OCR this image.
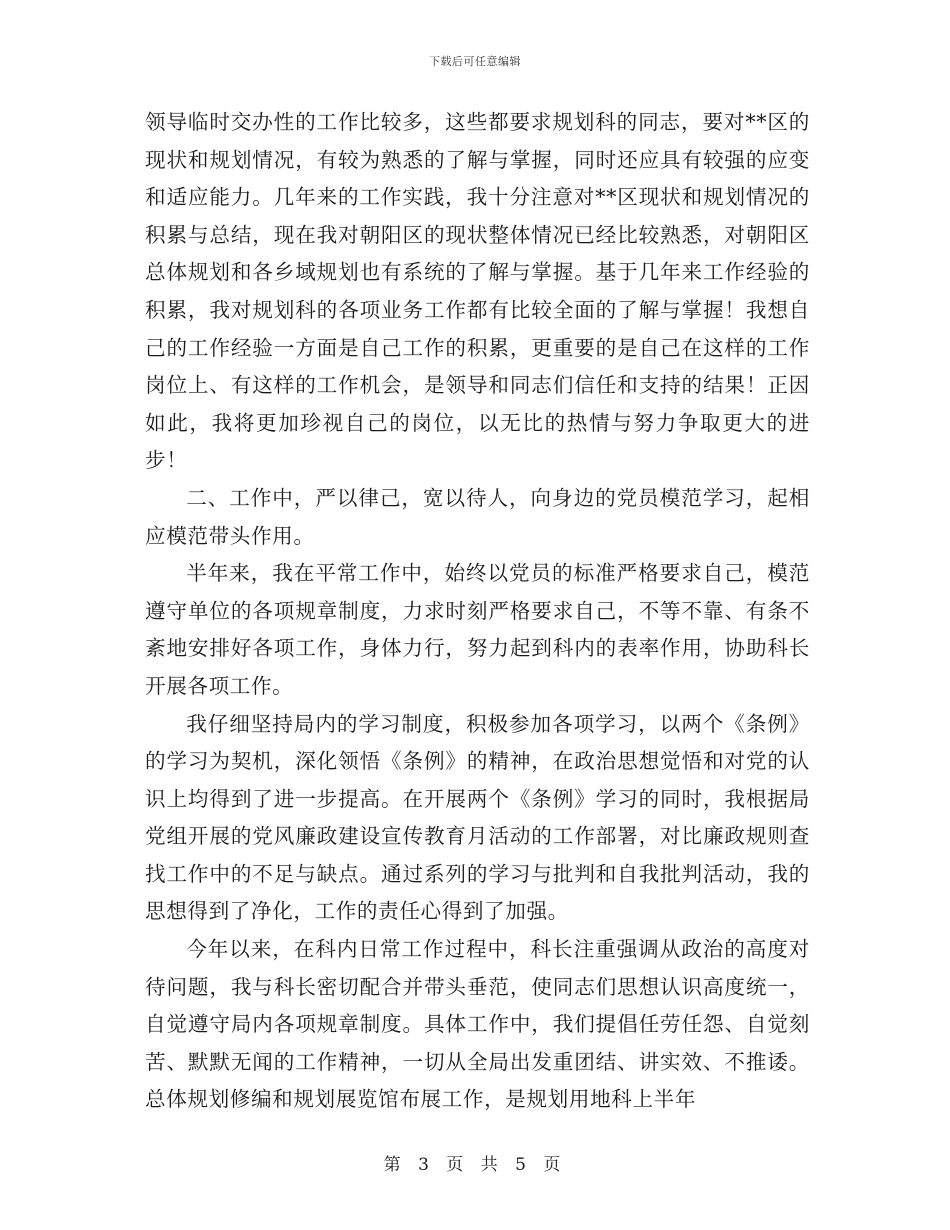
下载后可任意编辑

领导临时交办性的工作比较多，这些都要求规划科的同志，要对**区的现状和规划情况，有较为熟悉的了解与掌握，同时还应具有较强的应变和适应能力。几年来的工作实践，我十分注意对**区现状和规划情况的积累与总结，现在我对朝阳区的现状整体情况已经比较熟悉，对朝阳区总体规划和各乡域规划也有系统的了解与掌握。基于几年来工作经验的积累，我对规划科的各项业务工作都有比较全面的了解与掌握！我想自己的工作经验一方面是自己工作的积累，更重要的是自己在这样的工作岗位上、有这样的工作机会，是领导和同志们信任和支持的结果！正因如此，我将更加珍视自己的岗位，以无比的热情与努力争取更大的进步！

二、工作中，严以律己，宽以待人，向身边的党员模范学习，起相应模范带头作用。

半年来，我在平常工作中，始终以党员的标准严格要求自己，模范遵守单位的各项规章制度，力求时刻严格要求自己，不等不靠、有条不紊地安排好各项工作，身体力行，努力起到科内的表率作用，协助科长开展各项工作。

我仔细坚持局内的学习制度，积极参加各项学习，以两个《条例》的学习为契机，深化领悟《条例》的精神，在政治思想觉悟和对党的认识上均得到了进一步提高。在开展两个《条例》学习的同时，我根据局党组开展的党风廉政建设宣传教育月活动的工作部署，对比廉政规则查找工作中的不足与缺点。通过系列的学习与批判和自我批判活动，我的思想得到了净化，工作的责任心得到了加强。

今年以来，在科内日常工作过程中，科长注重强调从政治的高度对待问题，我与科长密切配合并带头垂范，使同志们思想认识高度统一，自觉遵守局内各项规章制度。具体工作中，我们提倡任劳任怨、自觉刻苦、默默无闻的工作精神，一切从全局出发重团结、讲实效、不推诿。总体规划修编和规划展览馆布展工作，是规划用地科上半年

第 3 页 共 5 页
